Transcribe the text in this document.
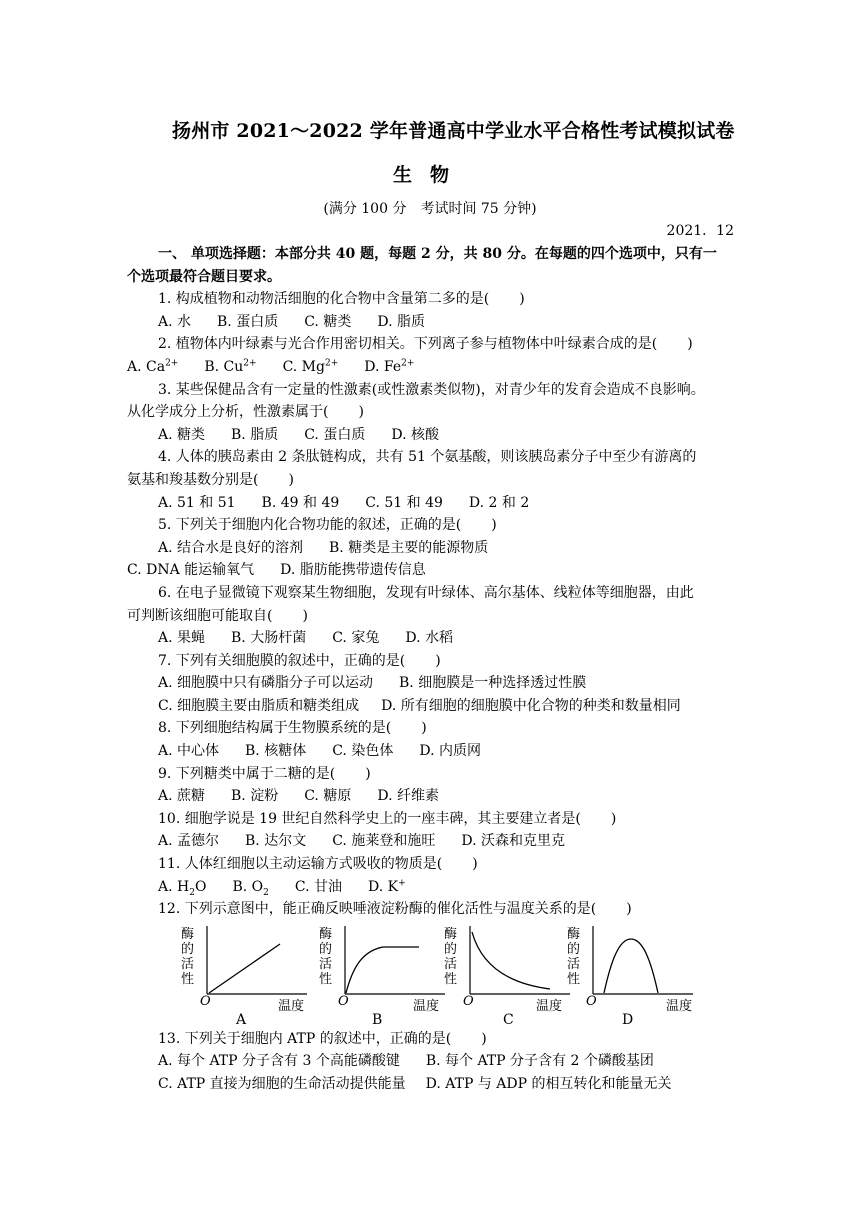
扬州市 2021～2022 学年普通高中学业水平合格性考试模拟试卷
生物
(满分 100 分　考试时间 75 分钟)
2021．12
一、 单项选择题：本部分共 40 题，每题 2 分，共 80 分。在每题的四个选项中，只有一
个选项最符合题目要求。
1. 构成植物和动物活细胞的化合物中含量第二多的是( )
A. 水 B. 蛋白质 C. 糖类 D. 脂质
2. 植物体内叶绿素与光合作用密切相关。下列离子参与植物体中叶绿素合成的是( )
A. $Ca^{2+}$ B. $Cu^{2+}$ C. $Mg^{2+}$ D. $Fe^{2+}$
3. 某些保健品含有一定量的性激素(或性激素类似物)，对青少年的发育会造成不良影响。
从化学成分上分析，性激素属于( )
A. 糖类 B. 脂质 C. 蛋白质 D. 核酸
4. 人体的胰岛素由 2 条肽链构成，共有 51 个氨基酸，则该胰岛素分子中至少有游离的
氨基和羧基数分别是( )
A. 51 和 51 B. 49 和 49 C. 51 和 49 D. 2 和 2
5. 下列关于细胞内化合物功能的叙述，正确的是( )
A. 结合水是良好的溶剂 B. 糖类是主要的能源物质
C. DNA 能运输氧气 D. 脂肪能携带遗传信息
6. 在电子显微镜下观察某生物细胞，发现有叶绿体、高尔基体、线粒体等细胞器，由此
可判断该细胞可能取自( )
A. 果蝇 B. 大肠杆菌 C. 家兔 D. 水稻
7. 下列有关细胞膜的叙述中，正确的是( )
A. 细胞膜中只有磷脂分子可以运动 B. 细胞膜是一种选择透过性膜
C. 细胞膜主要由脂质和糖类组成 D. 所有细胞的细胞膜中化合物的种类和数量相同
8. 下列细胞结构属于生物膜系统的是( )
A. 中心体 B. 核糖体 C. 染色体 D. 内质网
9. 下列糖类中属于二糖的是( )
A. 蔗糖 B. 淀粉 C. 糖原 D. 纤维素
10. 细胞学说是 19 世纪自然科学史上的一座丰碑，其主要建立者是( )
A. 孟德尔 B. 达尔文 C. 施莱登和施旺 D. 沃森和克里克
11. 人体红细胞以主动运输方式吸收的物质是( )
A. $H_2O$ B. $O_2$ C. 甘油 D. K+
12. 下列示意图中，能正确反映唾液淀粉酶的催化活性与温度关系的是( )
酶
的
活
性
O	温度
A
酶
的
活
性
O	温度
B
酶
的
活
性
O	温度
C
酶
的
活
性
O	温度
D
13. 下列关于细胞内 ATP 的叙述中，正确的是( )
A. 每个 ATP 分子含有 3 个高能磷酸键 B. 每个 ATP 分子含有 2 个磷酸基团
C. ATP 直接为细胞的生命活动提供能量 D. ATP 与 ADP 的相互转化和能量无关
